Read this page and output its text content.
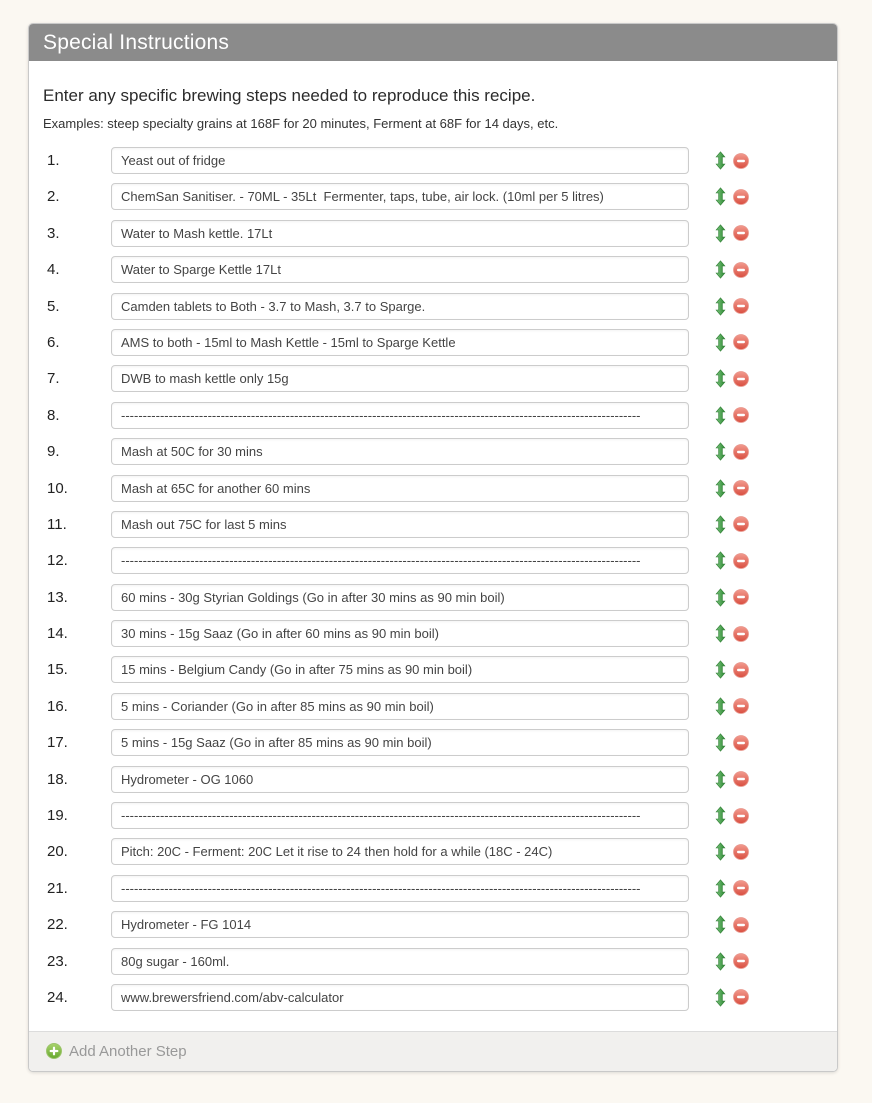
Special Instructions
Enter any specific brewing steps needed to reproduce this recipe.
Examples: steep specialty grains at 168F for 20 minutes, Ferment at 68F for 14 days, etc.
1.
Yeast out of fridge
2.
ChemSan Sanitiser. - 70ML - 35Lt Fermenter, taps, tube, air lock. (10ml per 5 litres)
3.
Water to Mash kettle. 17Lt
4.
Water to Sparge Kettle 17Lt
5.
Camden tablets to Both - 3.7 to Mash, 3.7 to Sparge.
6.
AMS to both - 15ml to Mash Kettle - 15ml to Sparge Kettle
7.
DWB to mash kettle only 15g
8.
------------------------------------------------------------------------------------------------------------------------
9.
Mash at 50C for 30 mins
10.
Mash at 65C for another 60 mins
11.
Mash out 75C for last 5 mins
12.
------------------------------------------------------------------------------------------------------------------------
13.
60 mins - 30g Styrian Goldings (Go in after 30 mins as 90 min boil)
14.
30 mins - 15g Saaz (Go in after 60 mins as 90 min boil)
15.
15 mins - Belgium Candy (Go in after 75 mins as 90 min boil)
16.
5 mins - Coriander (Go in after 85 mins as 90 min boil)
17.
5 mins - 15g Saaz (Go in after 85 mins as 90 min boil)
18.
Hydrometer - OG 1060
19.
------------------------------------------------------------------------------------------------------------------------
20.
Pitch: 20C - Ferment: 20C Let it rise to 24 then hold for a while (18C - 24C)
21.
------------------------------------------------------------------------------------------------------------------------
22.
Hydrometer - FG 1014
23.
80g sugar - 160ml.
24.
www.brewersfriend.com/abv-calculator
Add Another Step
